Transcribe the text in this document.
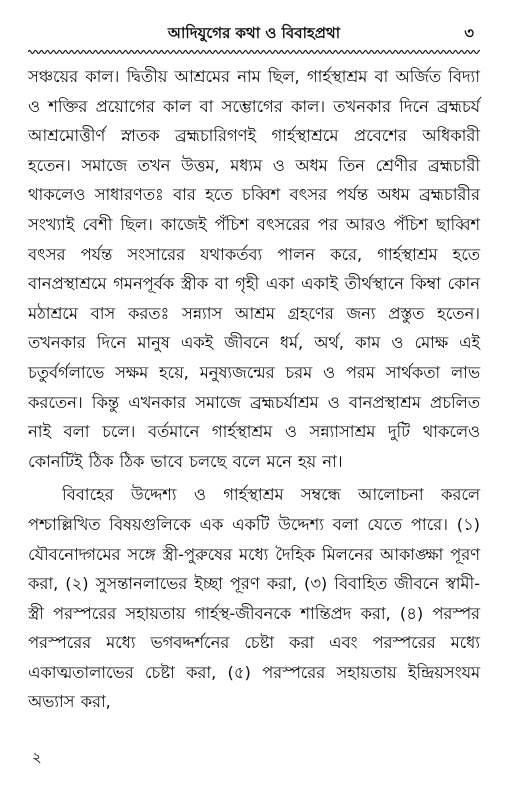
আদিযুগের কথা ও বিবাহপ্রথা	৩

সঞ্চয়ের কাল। দ্বিতীয় আশ্রমের নাম ছিল, গার্হস্থাশ্রম বা অর্জিত বিদ্যা ও শক্তির প্রয়োগের কাল বা সম্ভোগের কাল। তখনকার দিনে ব্রহ্মচর্য আশ্রমোত্তীর্ণ স্নাতক ব্রহ্মচারিগণই গার্হস্থাশ্রমে প্রবেশের অধিকারী হতেন। সমাজে তখন উত্তম, মধ্যম ও অধম তিন শ্রেণীর ব্রহ্মচারী থাকলেও সাধারণতঃ বার হতে চব্বিশ বৎসর পর্যন্ত অধম ব্রহ্মচারীর সংখ্যাই বেশী ছিল। কাজেই পঁচিশ বৎসরের পর আরও পঁচিশ ছাব্বিশ বৎসর পর্যন্ত সংসারের যথাকর্তব্য পালন করে, গার্হস্থাশ্রম হতে বানপ্রস্থাশ্রমে গমনপূর্বক স্ত্রীক বা গৃহী একা একাই তীর্থস্থানে কিম্বা কোন মঠাশ্রমে বাস করতঃ সন্ন্যাস আশ্রম গ্রহণের জন্য প্রস্তুত হতেন। তখনকার দিনে মানুষ একই জীবনে ধর্ম, অর্থ, কাম ও মোক্ষ এই চতুর্বর্গলাভে সক্ষম হয়ে, মনুষ্যজন্মের চরম ও পরম সার্থকতা লাভ করতেন। কিন্তু এখনকার সমাজে ব্রহ্মচর্যাশ্রম ও বানপ্রস্থাশ্রম প্রচলিত নাই বলা চলে। বর্তমানে গার্হস্থাশ্রম ও সন্ন্যাসাশ্রম দুটি থাকলেও কোনটিই ঠিক ঠিক ভাবে চলছে বলে মনে হয় না।

বিবাহের উদ্দেশ্য ও গার্হস্থাশ্রম সম্বন্ধে আলোচনা করলে পশ্চাল্লিখিত বিষয়গুলিকে এক একটি উদ্দেশ্য বলা যেতে পারে। (১) যৌবনোদ্গমের সঙ্গে স্ত্রী-পুরুষের মধ্যে দৈহিক মিলনের আকাঙ্ক্ষা পূরণ করা, (২) সুসন্তানলাভের ইচ্ছা পূরণ করা, (৩) বিবাহিত জীবনে স্বামী-স্ত্রী পরস্পরের সহায়তায় গার্হস্থ-জীবনকে শান্তিপ্রদ করা, (৪) পরস্পর পরস্পরের মধ্যে ভগবদ্দর্শনের চেষ্টা করা এবং পরস্পরের মধ্যে একাত্মতালাভের চেষ্টা করা, (৫) পরস্পরের সহায়তায় ইন্দ্রিয়সংযম অভ্যাস করা,

২
